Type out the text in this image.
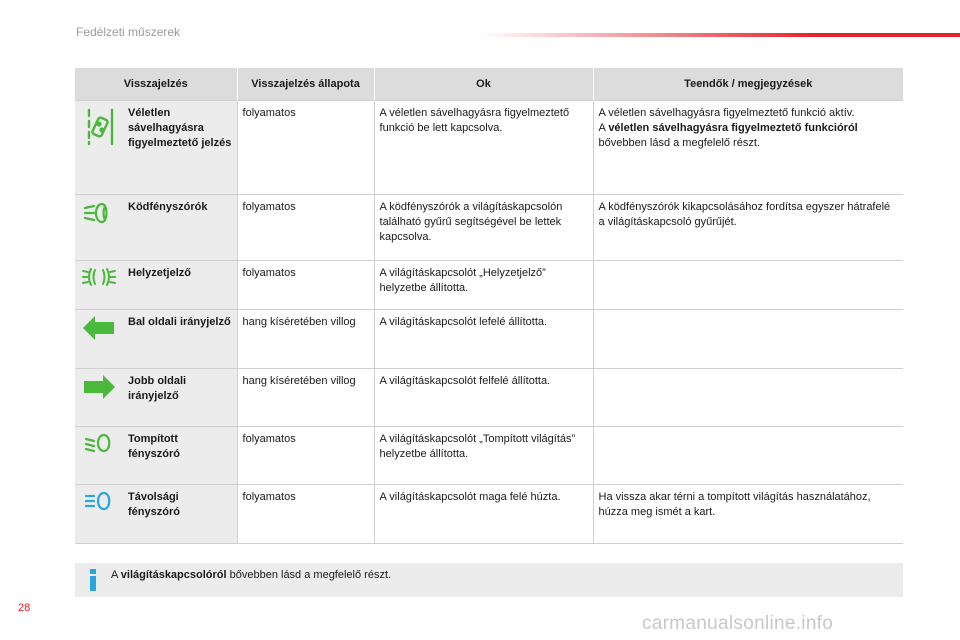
Fedélzeti műszerek
Visszajelzés		Visszajelzés állapota	Ok	Teendők / megjegyzések

	Véletlen sávelhagyásra figyelmeztető jelzés	folyamatos	A véletlen sávelhagyásra figyelmeztető funkció be lett kapcsolva.	A véletlen sávelhagyásra figyelmeztető funkció aktív.
A véletlen sávelhagyásra figyelmeztető funkcióról bővebben lásd a megfelelő részt.

	Ködfényszórók	folyamatos	A ködfényszórók a világításkapcsolón található gyűrű segítségével be lettek kapcsolva.	A ködfényszórók kikapcsolásához fordítsa egyszer hátrafelé a világításkapcsoló gyűrűjét.

	Helyzetjelző	folyamatos	A világításkapcsolót „Helyzetjelző” helyzetbe állította.	

	Bal oldali irányjelző	hang kíséretében villog	A világításkapcsolót lefelé állította.	

	Jobb oldali irányjelző	hang kíséretében villog	A világításkapcsolót felfelé állította.	

	Tompított fényszóró	folyamatos	A világításkapcsolót „Tompított világítás” helyzetbe állította.	

	Távolsági fényszóró	folyamatos	A világításkapcsolót maga felé húzta.	Ha vissza akar térni a tompított világítás használatához, húzza meg ismét a kart.
A világításkapcsolóról bővebben lásd a megfelelő részt.
28
carmanualsonline.info
